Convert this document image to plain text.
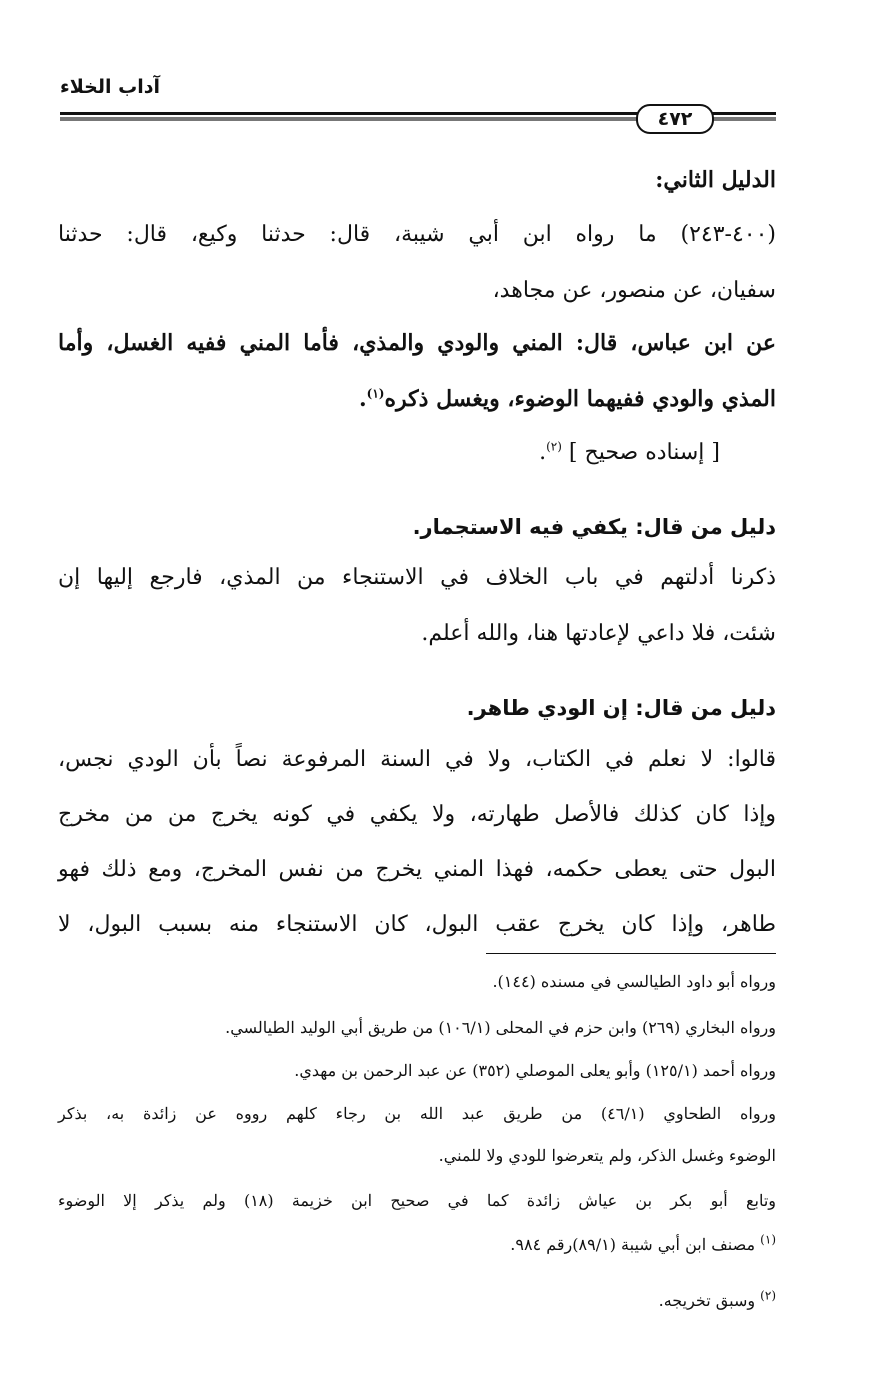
آداب الخلاء
٤٧٢
الدليل الثاني:
(٤٠٠-٢٤٣) ما رواه ابن أبي شيبة، قال: حدثنا وكيع، قال: حدثنا
سفيان، عن منصور، عن مجاهد،
عن ابن عباس، قال: المني والودي والمذي، فأما المني ففيه الغسل، وأما
المذي والودي ففيهما الوضوء، ويغسل ذكره$^{(١)}$.
[ إسناده صحيح ] $^{(٢)}$.
دليل من قال: يكفي فيه الاستجمار.
ذكرنا أدلتهم في باب الخلاف في الاستنجاء من المذي، فارجع إليها إن
شئت، فلا داعي لإعادتها هنا، والله أعلم.
دليل من قال: إن الودي طاهر.
قالوا: لا نعلم في الكتاب، ولا في السنة المرفوعة نصاً بأن الودي نجس،
وإذا كان كذلك فالأصل طهارته، ولا يكفي في كونه يخرج من من مخرج
البول حتى يعطى حكمه، فهذا المني يخرج من نفس المخرج، ومع ذلك فهو
طاهر، وإذا كان يخرج عقب البول، كان الاستنجاء منه بسبب البول، لا
ورواه أبو داود الطيالسي في مسنده (١٤٤).
ورواه البخاري (٢٦٩) وابن حزم في المحلى (١٠٦/١) من طريق أبي الوليد الطيالسي.
ورواه أحمد (١٢٥/١) وأبو يعلى الموصلي (٣٥٢) عن عبد الرحمن بن مهدي.
ورواه الطحاوي (٤٦/١) من طريق عبد الله بن رجاء كلهم رووه عن زائدة به، بذكر
الوضوء وغسل الذكر، ولم يتعرضوا للودي ولا للمني.
وتابع أبو بكر بن عياش زائدة كما في صحيح ابن خزيمة (١٨) ولم يذكر إلا الوضوء
$^{(١)}$ مصنف ابن أبي شيبة (٨٩/١)رقم ٩٨٤.
$^{(٢)}$ وسبق تخريجه.
